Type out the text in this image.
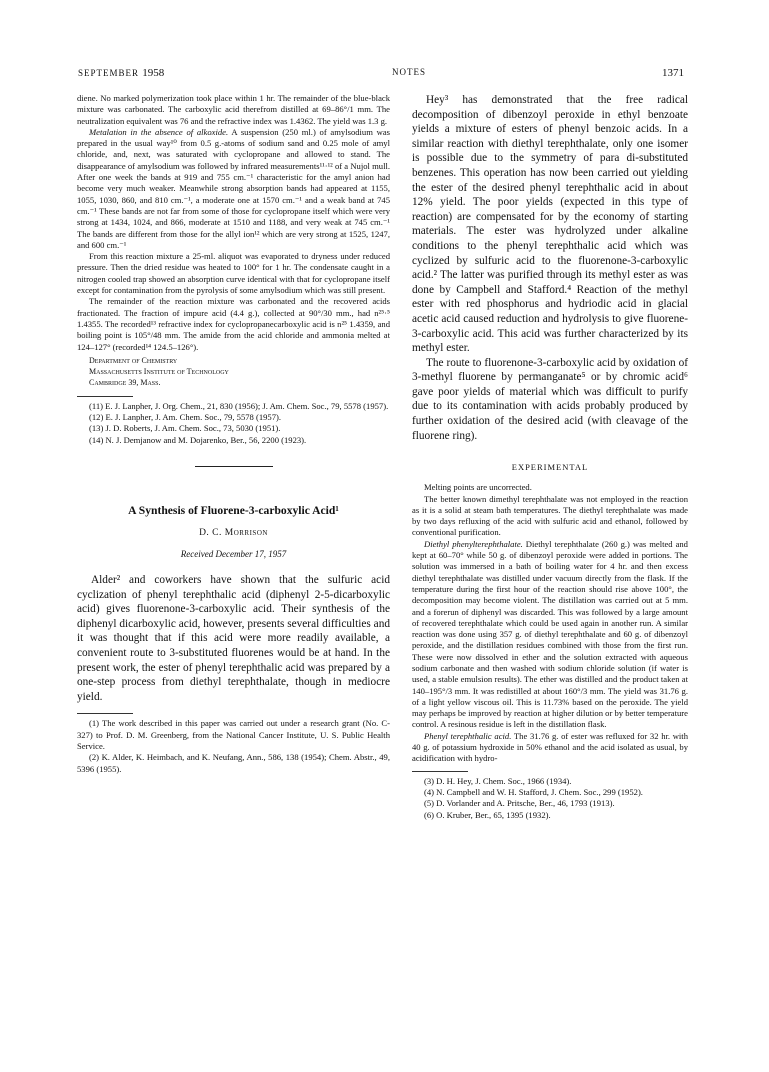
SEPTEMBER 1958	NOTES	1371

diene. No marked polymerization took place within 1 hr. The remainder of the blue-black mixture was carbonated. The carboxylic acid therefrom distilled at 69–86°/1 mm. The neutralization equivalent was 76 and the refractive index was 1.4362. The yield was 1.3 g.

Metalation in the absence of alkoxide. A suspension (250 ml.) of amylsodium was prepared in the usual way¹⁰ from 0.5 g.-atoms of sodium sand and 0.25 mole of amyl chloride, and, next, was saturated with cyclopropane and allowed to stand. The disappearance of amylsodium was followed by infrared measurements¹¹·¹² of a Nujol mull. After one week the bands at 919 and 755 cm.⁻¹ characteristic for the amyl anion had become very much weaker. Meanwhile strong absorption bands had appeared at 1155, 1055, 1030, 860, and 810 cm.⁻¹, a moderate one at 1570 cm.⁻¹ and a weak band at 745 cm.⁻¹ These bands are not far from some of those for cyclopropane itself which were very strong at 1434, 1024, and 866, moderate at 1510 and 1188, and very weak at 745 cm.⁻¹ The bands are different from those for the allyl ion¹² which are very strong at 1525, 1247, and 600 cm.⁻¹

From this reaction mixture a 25-ml. aliquot was evaporated to dryness under reduced pressure. Then the dried residue was heated to 100° for 1 hr. The condensate caught in a nitrogen cooled trap showed an absorption curve identical with that for cyclopropane itself except for contamination from the pyrolysis of some amylsodium which was still present.

The remainder of the reaction mixture was carbonated and the recovered acids fractionated. The fraction of impure acid (4.4 g.), collected at 90°/30 mm., had n²⁵·⁵ 1.4355. The recorded¹³ refractive index for cyclopropanecarboxylic acid is n²⁵ 1.4359, and boiling point is 105°/48 mm. The amide from the acid chloride and ammonia melted at 124–127° (recorded¹⁴ 124.5–126°).

Department of Chemistry
Massachusetts Institute of Technology
Cambridge 39, Mass.

(11) E. J. Lanpher, J. Org. Chem., 21, 830 (1956); J. Am. Chem. Soc., 79, 5578 (1957).

(12) E. J. Lanpher, J. Am. Chem. Soc., 79, 5578 (1957).

(13) J. D. Roberts, J. Am. Chem. Soc., 73, 5030 (1951).

(14) N. J. Demjanow and M. Dojarenko, Ber., 56, 2200 (1923).

A Synthesis of Fluorene-3-carboxylic Acid¹
D. C. Morrison
Received December 17, 1957

Alder² and coworkers have shown that the sulfuric acid cyclization of phenyl terephthalic acid (diphenyl 2-5-dicarboxylic acid) gives fluorenone-3-carboxylic acid. Their synthesis of the diphenyl dicarboxylic acid, however, presents several difficulties and it was thought that if this acid were more readily available, a convenient route to 3-substituted fluorenes would be at hand. In the present work, the ester of phenyl terephthalic acid was prepared by a one-step process from diethyl terephthalate, though in mediocre yield.

(1) The work described in this paper was carried out under a research grant (No. C-327) to Prof. D. M. Greenberg, from the National Cancer Institute, U. S. Public Health Service.

(2) K. Alder, K. Heimbach, and K. Neufang, Ann., 586, 138 (1954); Chem. Abstr., 49, 5396 (1955).

Hey³ has demonstrated that the free radical decomposition of dibenzoyl peroxide in ethyl benzoate yields a mixture of esters of phenyl benzoic acids. In a similar reaction with diethyl terephthalate, only one isomer is possible due to the symmetry of para di-substituted benzenes. This operation has now been carried out yielding the ester of the desired phenyl terephthalic acid in about 12% yield. The poor yields (expected in this type of reaction) are compensated for by the economy of starting materials. The ester was hydrolyzed under alkaline conditions to the phenyl terephthalic acid which was cyclized by sulfuric acid to the fluorenone-3-carboxylic acid.² The latter was purified through its methyl ester as was done by Campbell and Stafford.⁴ Reaction of the methyl ester with red phosphorus and hydriodic acid in glacial acetic acid caused reduction and hydrolysis to give fluorene-3-carboxylic acid. This acid was further characterized by its methyl ester.

The route to fluorenone-3-carboxylic acid by oxidation of 3-methyl fluorene by permanganate⁵ or by chromic acid⁶ gave poor yields of material which was difficult to purify due to its contamination with acids probably produced by further oxidation of the desired acid (with cleavage of the fluorene ring).

EXPERIMENTAL

Melting points are uncorrected.

The better known dimethyl terephthalate was not employed in the reaction as it is a solid at steam bath temperatures. The diethyl terephthalate was made by two days refluxing of the acid with sulfuric acid and ethanol, followed by conventional purification.

Diethyl phenylterephthalate. Diethyl terephthalate (260 g.) was melted and kept at 60–70° while 50 g. of dibenzoyl peroxide were added in portions. The solution was immersed in a bath of boiling water for 4 hr. and then excess diethyl terephthalate was distilled under vacuum directly from the flask. If the temperature during the first hour of the reaction should rise above 100°, the decomposition may become violent. The distillation was carried out at 5 mm. and a forerun of diphenyl was discarded. This was followed by a large amount of recovered terephthalate which could be used again in another run. A similar reaction was done using 357 g. of diethyl terephthalate and 60 g. of dibenzoyl peroxide, and the distillation residues combined with those from the first run. These were now dissolved in ether and the solution extracted with aqueous sodium carbonate and then washed with sodium chloride solution (if water is used, a stable emulsion results). The ether was distilled and the product taken at 140–195°/3 mm. It was redistilled at about 160°/3 mm. The yield was 31.76 g. of a light yellow viscous oil. This is 11.73% based on the peroxide. The yield may perhaps be improved by reaction at higher dilution or by better temperature control. A resinous residue is left in the distillation flask.

Phenyl terephthalic acid. The 31.76 g. of ester was refluxed for 32 hr. with 40 g. of potassium hydroxide in 50% ethanol and the acid isolated as usual, by acidification with hydro-

(3) D. H. Hey, J. Chem. Soc., 1966 (1934).

(4) N. Campbell and W. H. Stafford, J. Chem. Soc., 299 (1952).

(5) D. Vorlander and A. Pritsche, Ber., 46, 1793 (1913).

(6) O. Kruber, Ber., 65, 1395 (1932).
